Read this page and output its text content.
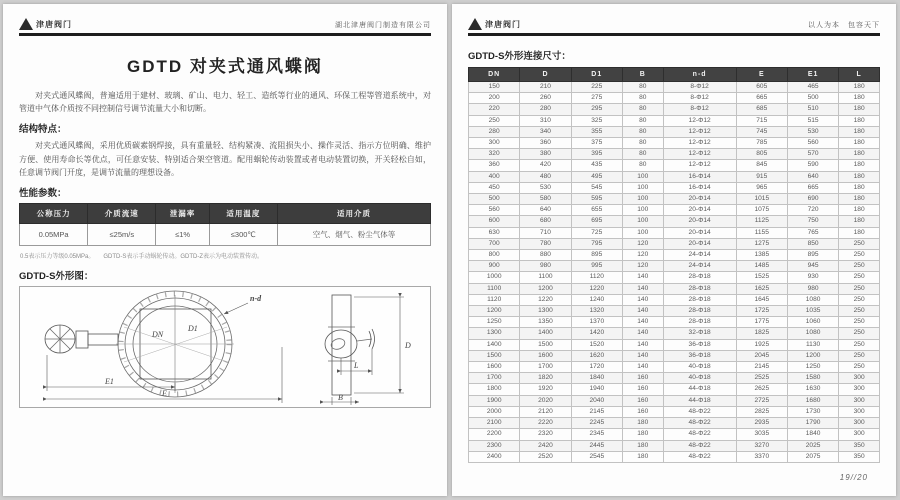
津唐阀门	湖北津唐阀门制造有限公司
GDTD 对夹式通风蝶阀
对夹式通风蝶阀，普遍适用于建材、玻璃、矿山、电力、轻工、造纸等行业的通风、环保工程等管道系统中，对管道中气体介质按不同控制信号调节流量大小和切断。
结构特点：
对夹式通风蝶阀，采用优质碳素钢焊接，具有重量轻、结构紧凑、流阻损失小、操作灵活、指示方位明确、维护方便、使用寿命长等优点，可任意安装、特别适合架空管道。配用蜗轮传动装置或者电动装置切换，开关轻松自如，任意调节阀门开度，是调节流量的理想设备。
性能参数：
公称压力	介质流速	泄漏率	适用温度	适用介质
0.05MPa	≤25m/s	≤1%	≤300℃	空气、烟气、粉尘气体等
0.5表示压力等级0.05MPa。　　GDTD-S表示手动蜗轮传动。GDTD-Z表示为电动装置传动。
GDTD-S外形图：
DN
D1
n-d
E1
E
D
L
B
津唐阀门	以人为本　包容天下
GDTD-S外形连接尺寸：
DN	D	D1	B	n-d	E	E1	L
150	210	225	80	8-Φ12	605	465	180
200	260	275	80	8-Φ12	665	500	180
220	280	295	80	8-Φ12	685	510	180
250	310	325	80	12-Φ12	715	515	180
280	340	355	80	12-Φ12	745	530	180
300	360	375	80	12-Φ12	785	560	180
320	380	395	80	12-Φ12	805	570	180
360	420	435	80	12-Φ12	845	590	180
400	480	495	100	16-Φ14	915	640	180
450	530	545	100	16-Φ14	965	665	180
500	580	595	100	20-Φ14	1015	690	180
560	640	655	100	20-Φ14	1075	720	180
600	680	695	100	20-Φ14	1125	750	180
630	710	725	100	20-Φ14	1155	765	180
700	780	795	120	20-Φ14	1275	850	250
800	880	895	120	24-Φ14	1385	895	250
900	980	995	120	24-Φ14	1485	945	250
1000	1100	1120	140	28-Φ18	1525	930	250
1100	1200	1220	140	28-Φ18	1625	980	250
1120	1220	1240	140	28-Φ18	1645	1080	250
1200	1300	1320	140	28-Φ18	1725	1035	250
1250	1350	1370	140	28-Φ18	1775	1060	250
1300	1400	1420	140	32-Φ18	1825	1080	250
1400	1500	1520	140	36-Φ18	1925	1130	250
1500	1600	1620	140	36-Φ18	2045	1200	250
1600	1700	1720	140	40-Φ18	2145	1250	250
1700	1820	1840	160	40-Φ18	2525	1580	300
1800	1920	1940	160	44-Φ18	2625	1630	300
1900	2020	2040	160	44-Φ18	2725	1680	300
2000	2120	2145	160	48-Φ22	2825	1730	300
2100	2220	2245	180	48-Φ22	2935	1790	300
2200	2320	2345	180	48-Φ22	3035	1840	300
2300	2420	2445	180	48-Φ22	3270	2025	350
2400	2520	2545	180	48-Φ22	3370	2075	350
19//20
